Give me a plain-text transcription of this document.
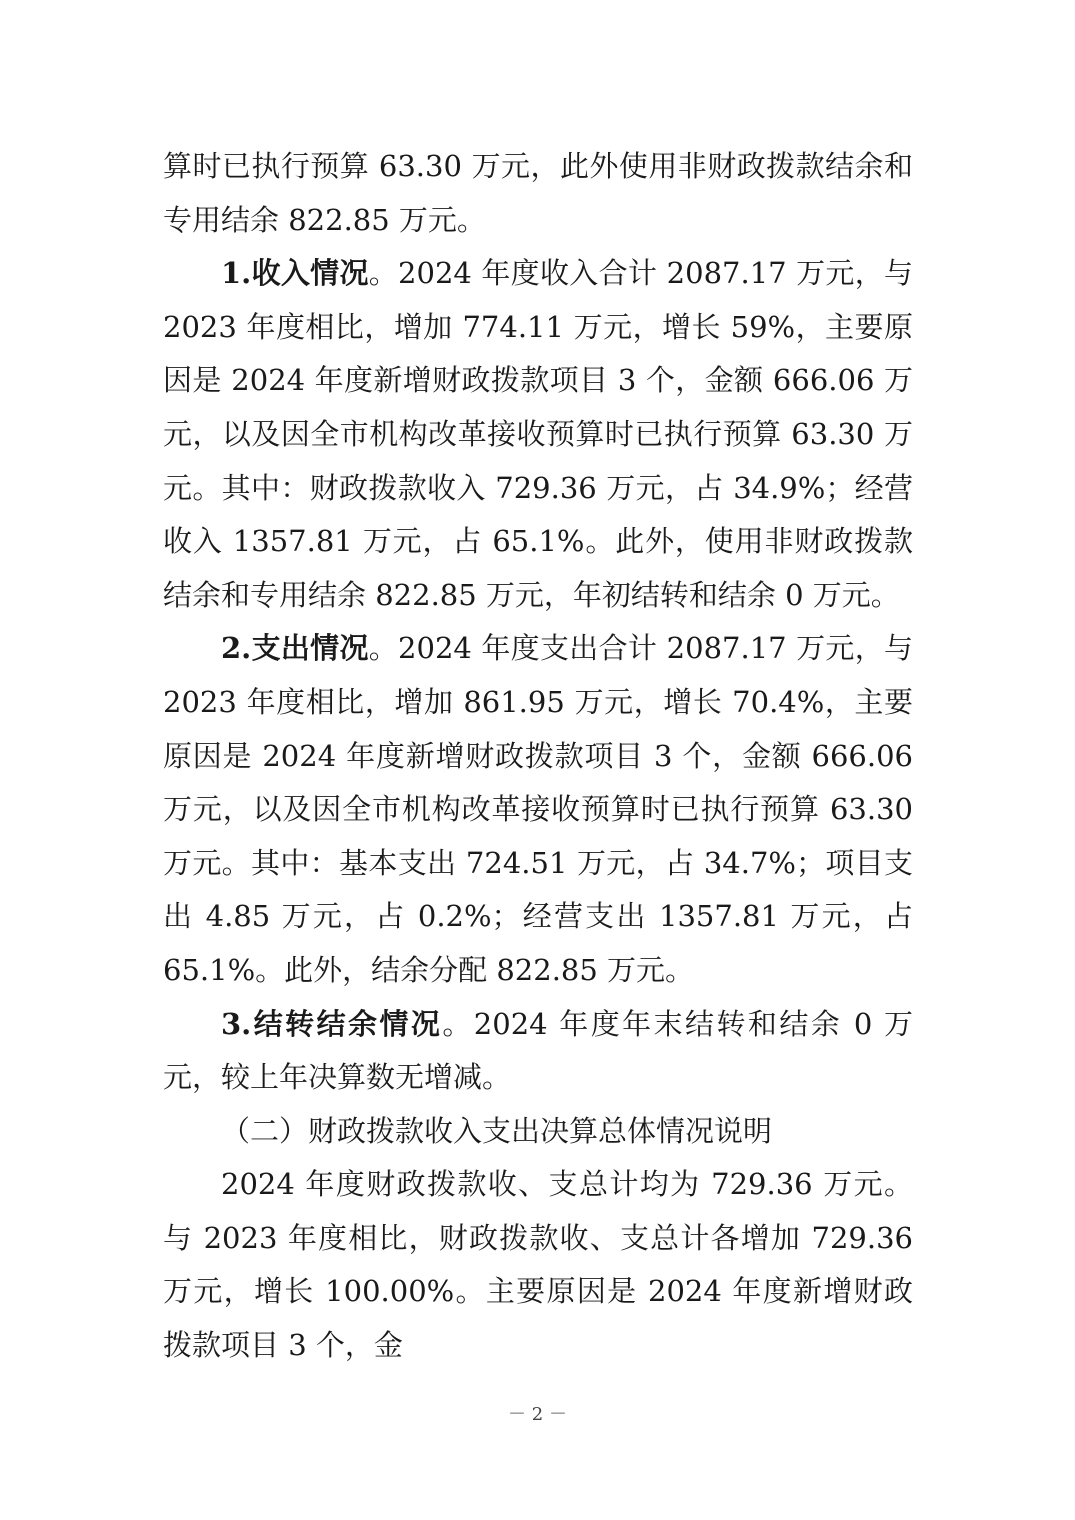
算时已执行预算 63.30 万元，此外使用非财政拨款结余和专用结余 822.85 万元。

1.收入情况。2024 年度收入合计 2087.17 万元，与 2023 年度相比，增加 774.11 万元，增长 59%，主要原因是 2024 年度新增财政拨款项目 3 个，金额 666.06 万元，以及因全市机构改革接收预算时已执行预算 63.30 万元。其中：财政拨款收入 729.36 万元，占 34.9%；经营收入 1357.81 万元，占 65.1%。此外，使用非财政拨款结余和专用结余 822.85 万元，年初结转和结余 0 万元。

2.支出情况。2024 年度支出合计 2087.17 万元，与 2023 年度相比，增加 861.95 万元，增长 70.4%，主要原因是 2024 年度新增财政拨款项目 3 个，金额 666.06 万元，以及因全市机构改革接收预算时已执行预算 63.30 万元。其中：基本支出 724.51 万元，占 34.7%；项目支出 4.85 万元，占 0.2%；经营支出 1357.81 万元，占 65.1%。此外，结余分配 822.85 万元。

3.结转结余情况。2024 年度年末结转和结余 0 万元，较上年决算数无增减。

（二）财政拨款收入支出决算总体情况说明

2024 年度财政拨款收、支总计均为 729.36 万元。与 2023 年度相比，财政拨款收、支总计各增加 729.36 万元，增长 100.00%。主要原因是 2024 年度新增财政拨款项目 3 个，金

－ 2 －
